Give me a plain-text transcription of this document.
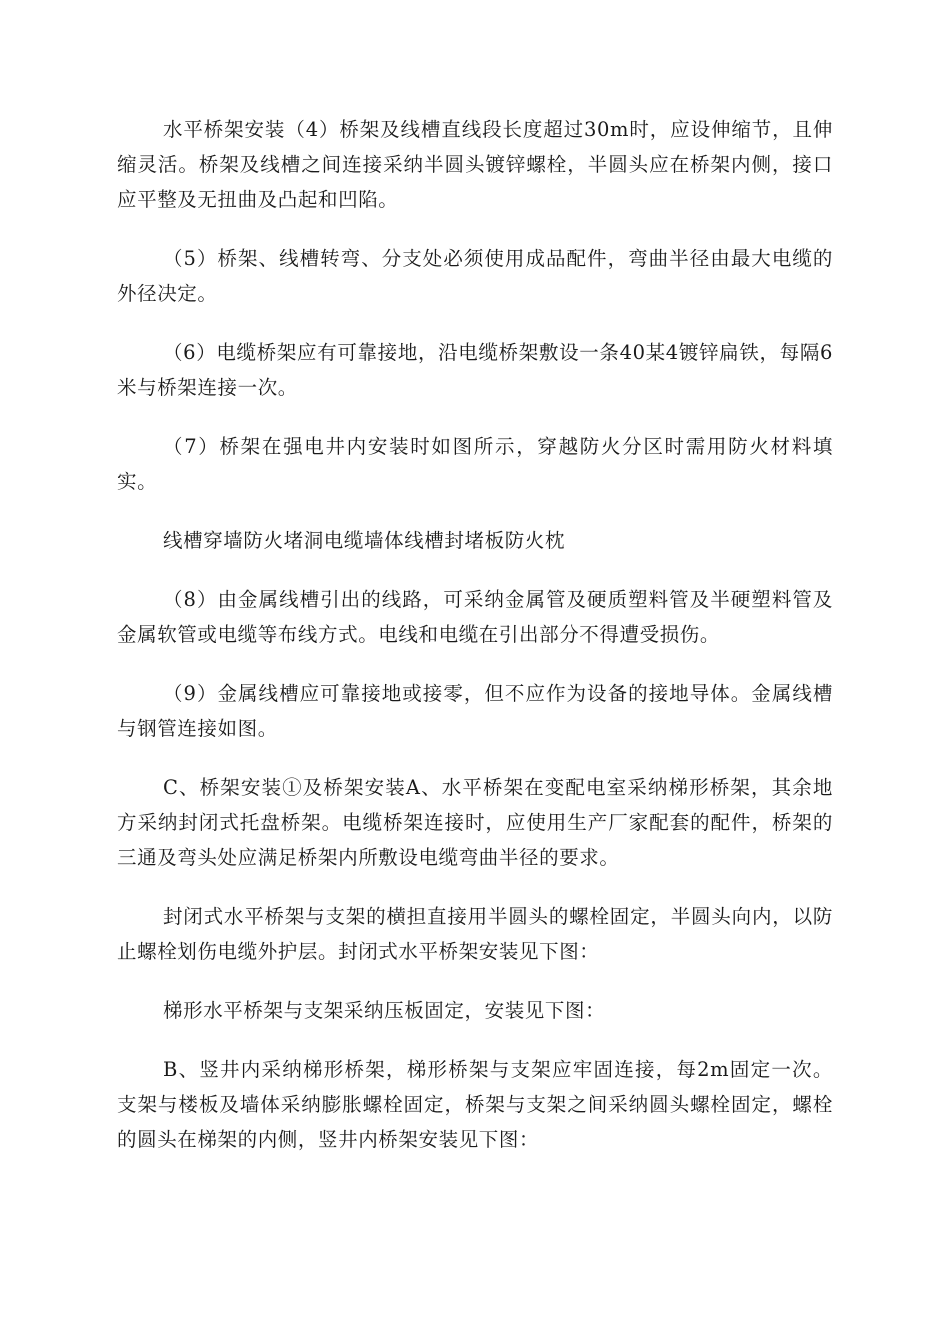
水平桥架安装（4）桥架及线槽直线段长度超过30m时，应设伸缩节，且伸缩灵活。桥架及线槽之间连接采纳半圆头镀锌螺栓，半圆头应在桥架内侧，接口应平整及无扭曲及凸起和凹陷。

（5）桥架、线槽转弯、分支处必须使用成品配件，弯曲半径由最大电缆的外径决定。

（6）电缆桥架应有可靠接地，沿电缆桥架敷设一条40某4镀锌扁铁，每隔6米与桥架连接一次。

（7）桥架在强电井内安装时如图所示，穿越防火分区时需用防火材料填实。

线槽穿墙防火堵洞电缆墙体线槽封堵板防火枕

（8）由金属线槽引出的线路，可采纳金属管及硬质塑料管及半硬塑料管及金属软管或电缆等布线方式。电线和电缆在引出部分不得遭受损伤。

（9）金属线槽应可靠接地或接零，但不应作为设备的接地导体。金属线槽与钢管连接如图。

C、桥架安装①及桥架安装A、水平桥架在变配电室采纳梯形桥架，其余地方采纳封闭式托盘桥架。电缆桥架连接时，应使用生产厂家配套的配件，桥架的三通及弯头处应满足桥架内所敷设电缆弯曲半径的要求。

封闭式水平桥架与支架的横担直接用半圆头的螺栓固定，半圆头向内，以防止螺栓划伤电缆外护层。封闭式水平桥架安装见下图：

梯形水平桥架与支架采纳压板固定，安装见下图：

B、竖井内采纳梯形桥架，梯形桥架与支架应牢固连接，每2m固定一次。支架与楼板及墙体采纳膨胀螺栓固定，桥架与支架之间采纳圆头螺栓固定，螺栓的圆头在梯架的内侧，竖井内桥架安装见下图：
